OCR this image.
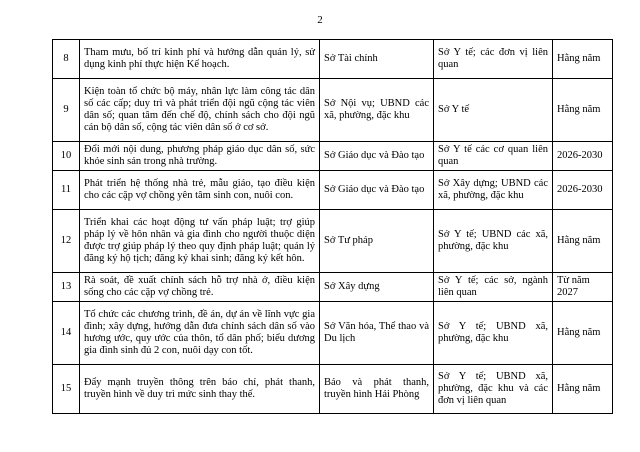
2
8	Tham mưu, bố trí kinh phí và hướng dẫn quản lý, sử dụng kinh phí thực hiện Kế hoạch.	Sở Tài chính	Sở Y tế; các đơn vị liên quan	Hằng năm
9	Kiện toàn tổ chức bộ máy, nhân lực làm công tác dân số các cấp; duy trì và phát triển đội ngũ cộng tác viên dân số; quan tâm đến chế độ, chính sách cho đội ngũ cán bộ dân số, cộng tác viên dân số ở cơ sở.	Sở Nội vụ; UBND các xã, phường, đặc khu	Sở Y tế	Hằng năm
10	Đổi mới nội dung, phương pháp giáo dục dân số, sức khỏe sinh sản trong nhà trường.	Sở Giáo dục và Đào tạo	Sở Y tế các cơ quan liên quan	2026-2030
11	Phát triển hệ thống nhà trẻ, mẫu giáo, tạo điều kiện cho các cặp vợ chồng yên tâm sinh con, nuôi con.	Sở Giáo dục và Đào tạo	Sở Xây dựng; UBND các xã, phường, đặc khu	2026-2030
12	Triển khai các hoạt động tư vấn pháp luật; trợ giúp pháp lý về hôn nhân và gia đình cho người thuộc diện được trợ giúp pháp lý theo quy định pháp luật; quản lý đăng ký hộ tịch; đăng ký khai sinh; đăng ký kết hôn.	Sở Tư pháp	Sở Y tế; UBND các xã, phường, đặc khu	Hằng năm
13	Rà soát, đề xuất chính sách hỗ trợ nhà ở, điều kiện sống cho các cặp vợ chồng trẻ.	Sở Xây dựng	Sở Y tế; các sở, ngành liên quan	Từ năm 2027
14	Tổ chức các chương trình, đề án, dự án về lĩnh vực gia đình; xây dựng, hướng dẫn đưa chính sách dân số vào hương ước, quy ước của thôn, tổ dân phố; biểu dương gia đình sinh đủ 2 con, nuôi dạy con tốt.	Sở Văn hóa, Thể thao và Du lịch	Sở Y tế; UBND xã, phường, đặc khu	Hằng năm
15	Đẩy mạnh truyền thông trên báo chí, phát thanh, truyền hình về duy trì mức sinh thay thế.	Báo và phát thanh, truyền hình Hải Phòng	Sở Y tế; UBND xã, phường, đặc khu và các đơn vị liên quan	Hằng năm
